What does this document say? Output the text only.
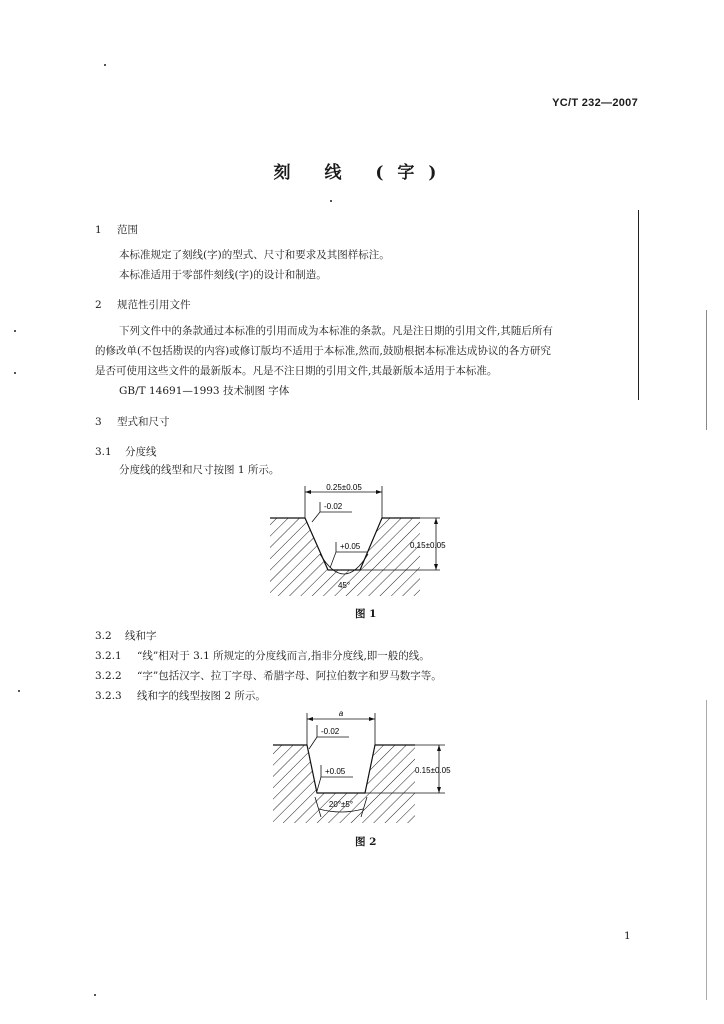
YC/T 232—2007
刻 线 (字)
1 范围
本标准规定了刻线(字)的型式、尺寸和要求及其图样标注。
本标准适用于零部件刻线(字)的设计和制造。
2 规范性引用文件
下列文件中的条款通过本标准的引用而成为本标准的条款。凡是注日期的引用文件,其随后所有
的修改单(不包括勘误的内容)或修订版均不适用于本标准,然而,鼓励根据本标准达成协议的各方研究
是否可使用这些文件的最新版本。凡是不注日期的引用文件,其最新版本适用于本标准。
GB/T 14691—1993 技术制图 字体
3 型式和尺寸
3.1 分度线
分度线的线型和尺寸按图 1 所示。
0.25±0.05
-0.02
+0.05	0.15±0.05
45°
图 1
3.2 线和字
3.2.1 “线”相对于 3.1 所规定的分度线而言,指非分度线,即一般的线。
3.2.2 “字”包括汉字、拉丁字母、希腊字母、阿拉伯数字和罗马数字等。
3.2.3 线和字的线型按图 2 所示。
a
-0.02
+0.05	0.15±0.05
20°±5°
图 2
1
